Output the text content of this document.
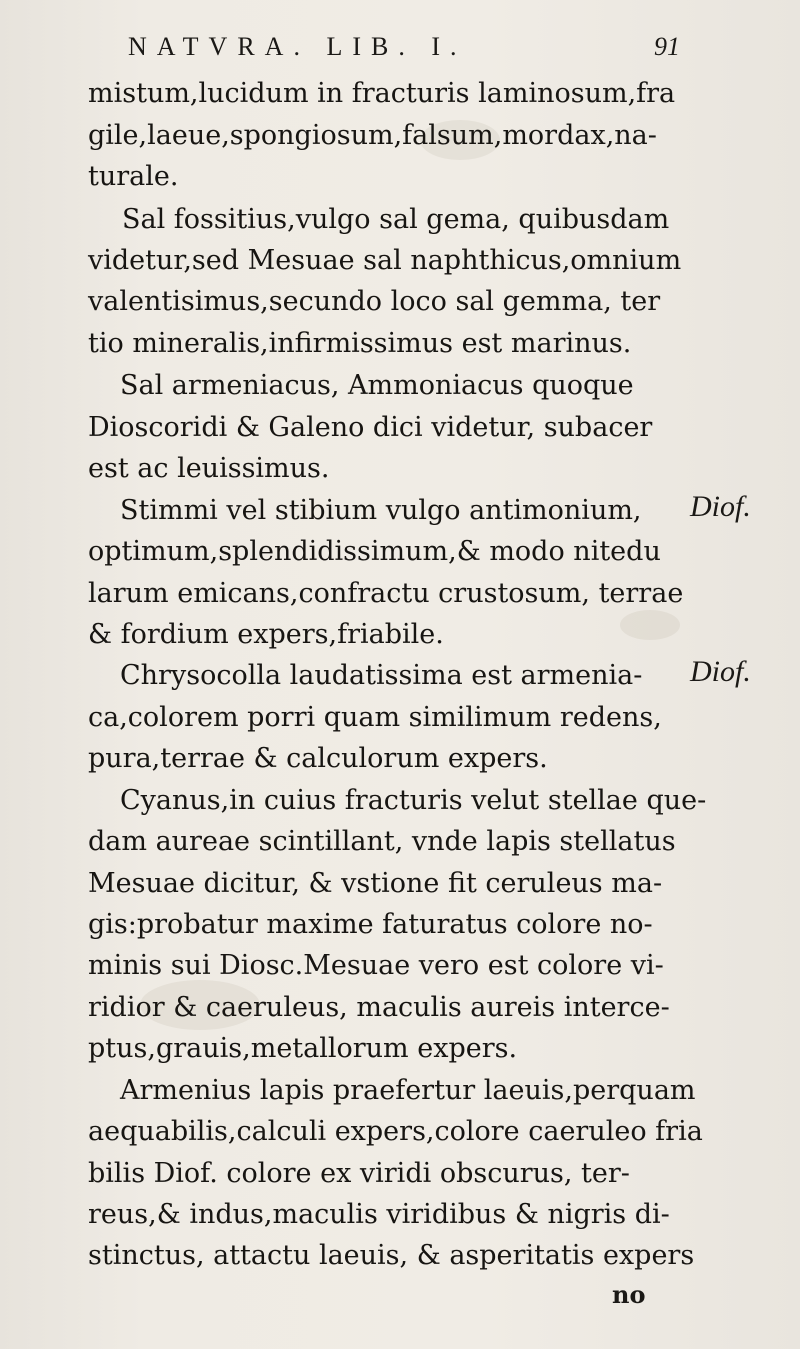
NATVRA. LIB. I.	91
mistum,lucidum in fracturis laminosum,fra
gile,laeue,spongiosum,falsum,mordax,na-
turale.
Sal fossitius,vulgo sal gema, quibusdam
videtur,sed Mesuae sal naphthicus,omnium
valentisimus,secundo loco sal gemma, ter
tio mineralis,infirmissimus est marinus.
Sal armeniacus, Ammoniacus quoque
Dioscoridi & Galeno dici videtur, subacer
est ac leuissimus.
Stimmi vel stibium vulgo antimonium,
optimum,splendidissimum,& modo nitedu
larum emicans,confractu crustosum, terrae
& fordium expers,friabile.
Chrysocolla laudatissima est armenia-
ca,colorem porri quam similimum redens,
pura,terrae & calculorum expers.
Cyanus,in cuius fracturis velut stellae que-
dam aureae scintillant, vnde lapis stellatus
Mesuae dicitur, & vstione fit ceruleus ma-
gis:probatur maxime faturatus colore no-
minis sui Diosc.Mesuae vero est colore vi-
ridior & caeruleus, maculis aureis interce-
ptus,grauis,metallorum expers.
Armenius lapis praefertur laeuis,perquam
aequabilis,calculi expers,colore caeruleo fria
bilis Diof. colore ex viridi obscurus, ter-
reus,& indus,maculis viridibus & nigris di-
stinctus, attactu laeuis, & asperitatis expers
Diof.
Diof.
no
